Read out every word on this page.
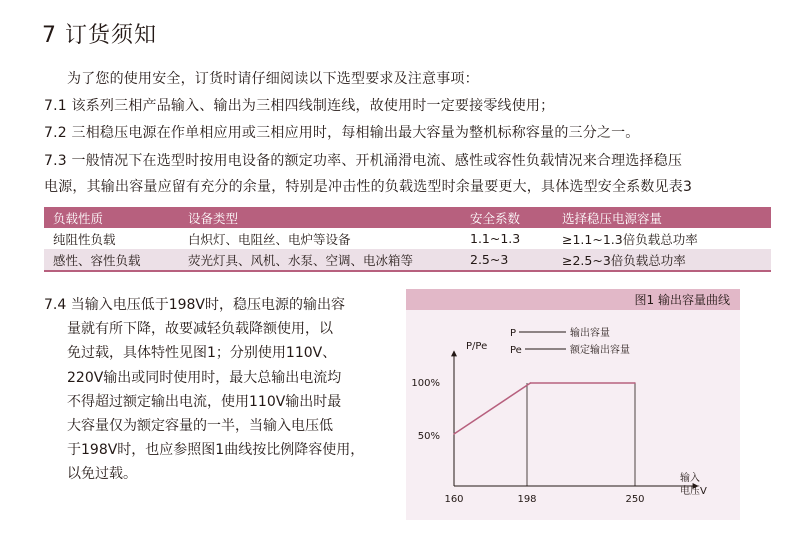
7 订货须知
为了您的使用安全，订货时请仔细阅读以下选型要求及注意事项：
7.1 该系列三相产品输入、输出为三相四线制连线，故使用时一定要接零线使用；
7.2 三相稳压电源在作单相应用或三相应用时，每相输出最大容量为整机标称容量的三分之一。
7.3 一般情况下在选型时按用电设备的额定功率、开机涌滑电流、感性或容性负载情况来合理选择稳压
电源，其输出容量应留有充分的余量，特别是冲击性的负载选型时余量要更大，具体选型安全系数见表3
负载性质	设备类型	安全系数	选择稳压电源容量
纯阻性负载	白炽灯、电阻丝、电炉等设备	1.1~1.3	≥1.1~1.3倍负载总功率
感性、容性负载	荧光灯具、风机、水泵、空调、电冰箱等	2.5~3	≥2.5~3倍负载总功率
7.4 当输入电压低于198V时，稳压电源的输出容
量就有所下降，故要减轻负载降额使用，以
免过载，具体特性见图1；分别使用110V、
220V输出或同时使用时，最大总输出电流均
不得超过额定输出电流，使用110V输出时最
大容量仅为额定容量的一半，当输入电压低
于198V时，也应参照图1曲线按比例降容使用，
以免过载。
图1 输出容量曲线
P/Pe
输入
电压V
P	输出容量
Pe	额定输出容量
100%
50%
160	198	250
